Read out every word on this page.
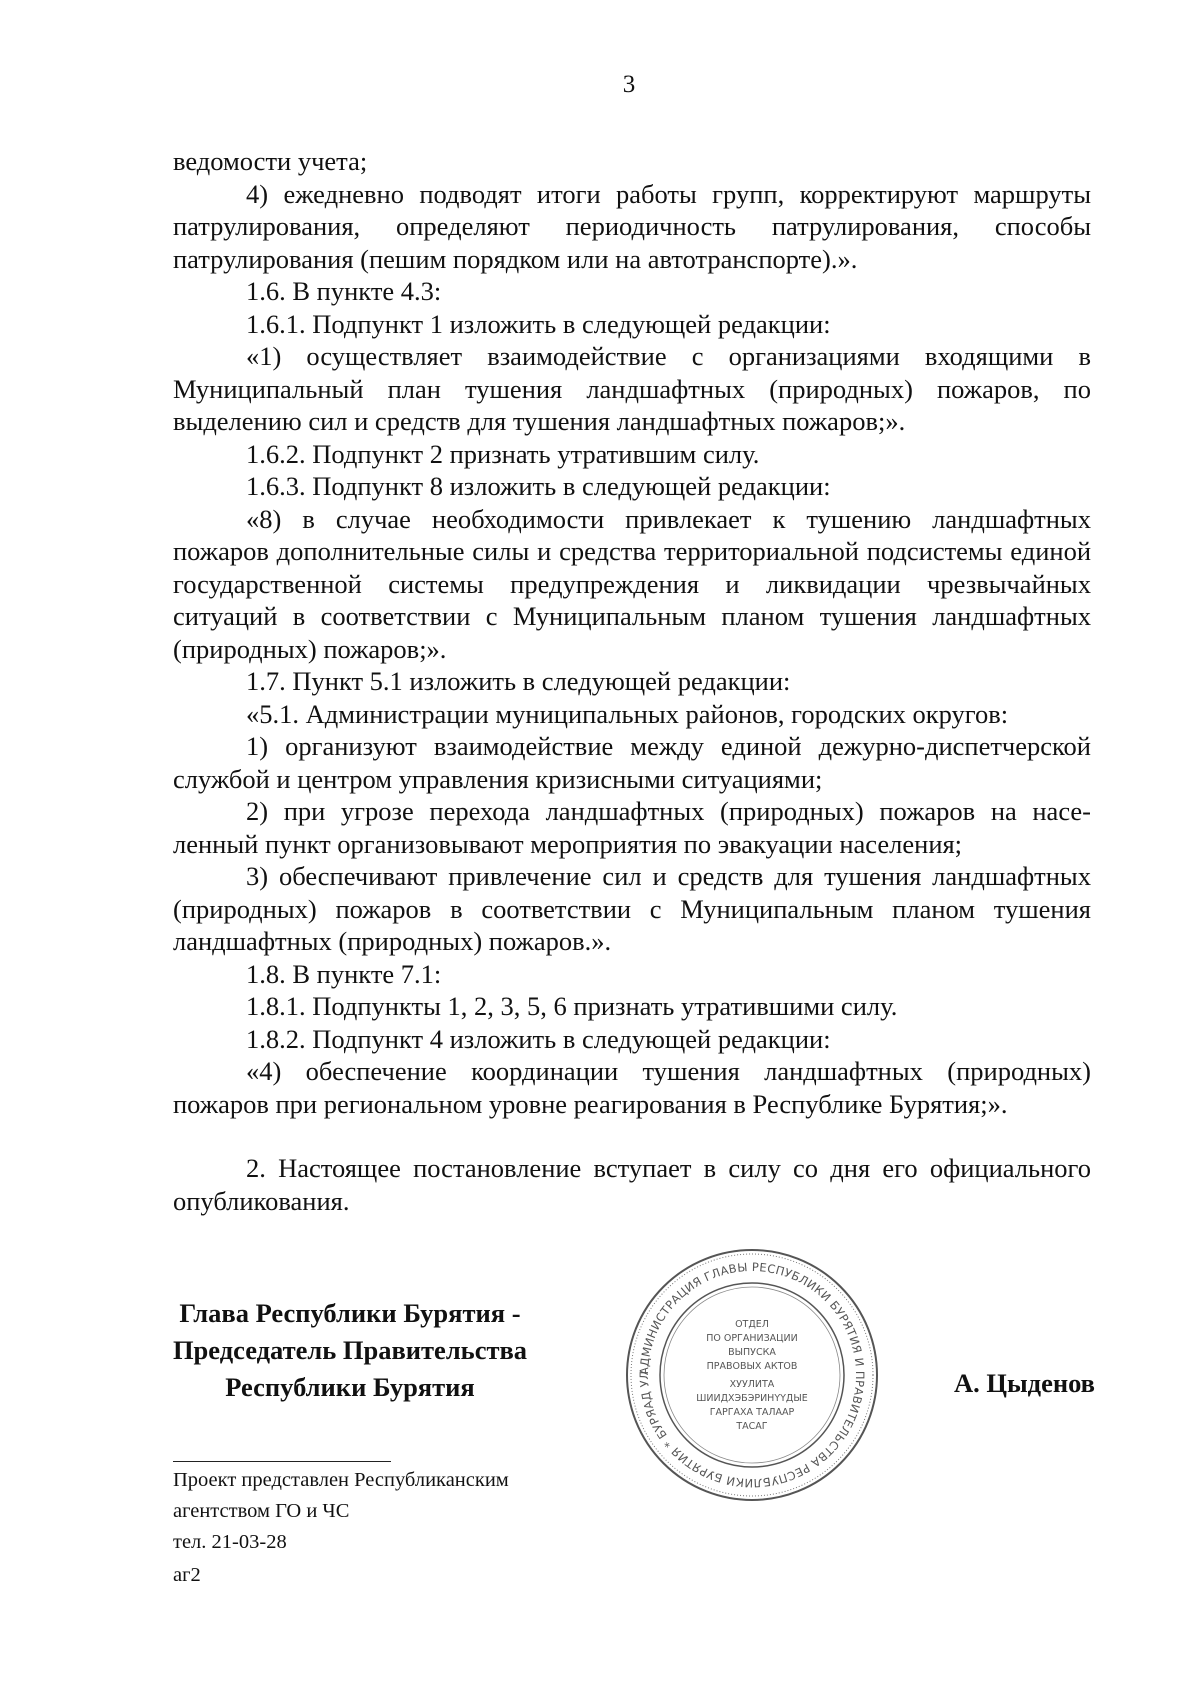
3

ведомости учета;

4) ежедневно подводят итоги работы групп, корректируют маршруты патрулирования, определяют периодичность патрулирования, способы патрулирования (пешим порядком или на автотранспорте).».

1.6. В пункте 4.3:

1.6.1. Подпункт 1 изложить в следующей редакции:

«1) осуществляет взаимодействие с организациями входящими в Муниципальный план тушения ландшафтных (природных) пожаров, по выделению сил и средств для тушения ландшафтных пожаров;».

1.6.2. Подпункт 2 признать утратившим силу.

1.6.3. Подпункт 8 изложить в следующей редакции:

«8) в случае необходимости привлекает к тушению ландшафтных пожаров дополнительные силы и средства территориальной подсистемы единой государственной системы предупреждения и ликвидации чрезвычайных ситуаций в соответствии с Муниципальным планом тушения ландшафтных (природных) пожаров;».

1.7. Пункт 5.1 изложить в следующей редакции:

«5.1. Администрации муниципальных районов, городских округов:

1) организуют взаимодействие между единой дежурно-диспетчерской службой и центром управления кризисными ситуациями;

2) при угрозе перехода ландшафтных (природных) пожаров на населенный пункт организовывают мероприятия по эвакуации населения;

3) обеспечивают привлечение сил и средств для тушения ландшафтных (природных) пожаров в соответствии с Муниципальным планом тушения ландшафтных (природных) пожаров.».

1.8. В пункте 7.1:

1.8.1. Подпункты 1, 2, 3, 5, 6 признать утратившими силу.

1.8.2. Подпункт 4 изложить в следующей редакции:

«4) обеспечение координации тушения ландшафтных (природных) пожаров при региональном уровне реагирования в Республике Бурятия;».

2. Настоящее постановление вступает в силу со дня его официального опубликования.

Глава Республики Бурятия -
Председатель Правительства
Республики Бурятия
АДМИНИСТРАЦИЯ ГЛАВЫ РЕСПУБЛИКИ БУРЯТИЯ И ПРАВИТЕЛЬСТВА РЕСПУБЛИКИ БУРЯТИЯ * БУРЯАД УЛ
ОТДЕЛ
ПО ОРГАНИЗАЦИИ
ВЫПУСКА
ПРАВОВЫХ АКТОВ
ХУУЛИТА
ШИИДХЭБЭРИНҮҮДЫЕ
ГАРГАХА ТАЛААР
ТАСАГ
А. Цыденов
Проект представлен Республиканским
агентством ГО и ЧС
тел. 21-03-28
аг2
